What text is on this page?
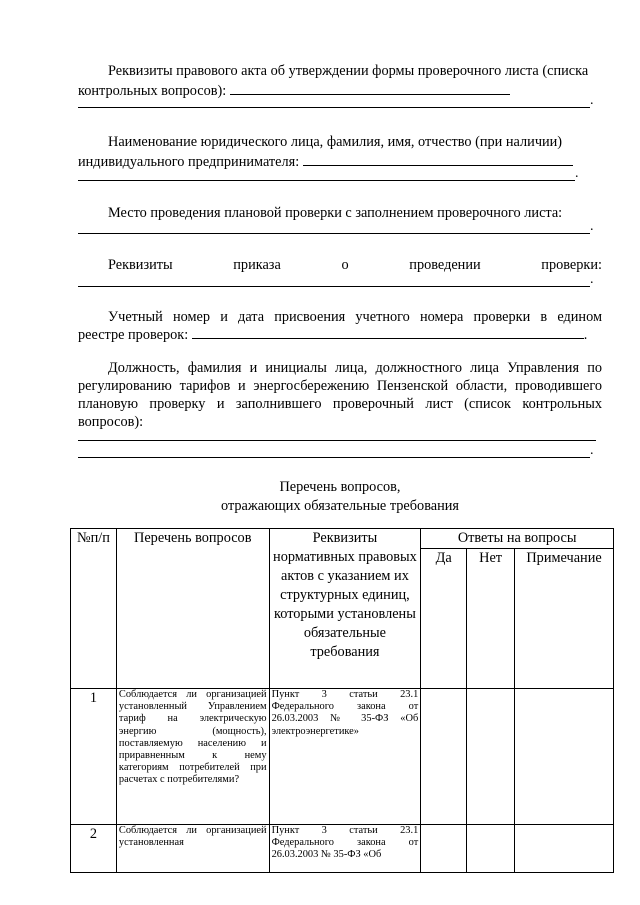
Реквизиты правового акта об утверждении формы проверочного листа (списка контрольных вопросов):
.
Наименование юридического лица, фамилия, имя, отчество (при наличии) индивидуального предпринимателя:
.
Место проведения плановой проверки с заполнением проверочного листа:
.
Реквизиты приказа о проведении проверки:
.
Учетный номер и дата присвоения учетного номера проверки в едином
реестре проверок:	.
Должность, фамилия и инициалы лица, должностного лица Управления по регулированию тарифов и энергосбережению Пензенской области, проводившего плановую проверку и заполнившего проверочный лист (список контрольных вопросов):
.
Перечень вопросов,
отражающих обязательные требования
№п/п	Перечень вопросов	Реквизиты нормативных правовых актов с указанием их структурных единиц, которыми установлены обязательные требования	Ответы на вопросы		
			Да	Нет	Примечание
1	Соблюдается ли организацией установленный Управлением тариф на электрическую энергию (мощность), поставляемую населению и приравненным к нему категориям потребителей при расчетах с потребителями?	Пункт 3 статьи 23.1 Федерального закона от 26.03.2003 № 35-ФЗ «Об электроэнергетике»			
2	Соблюдается ли организацией установленная	Пункт 3 статьи 23.1 Федерального закона от 26.03.2003 № 35-ФЗ «Об			
